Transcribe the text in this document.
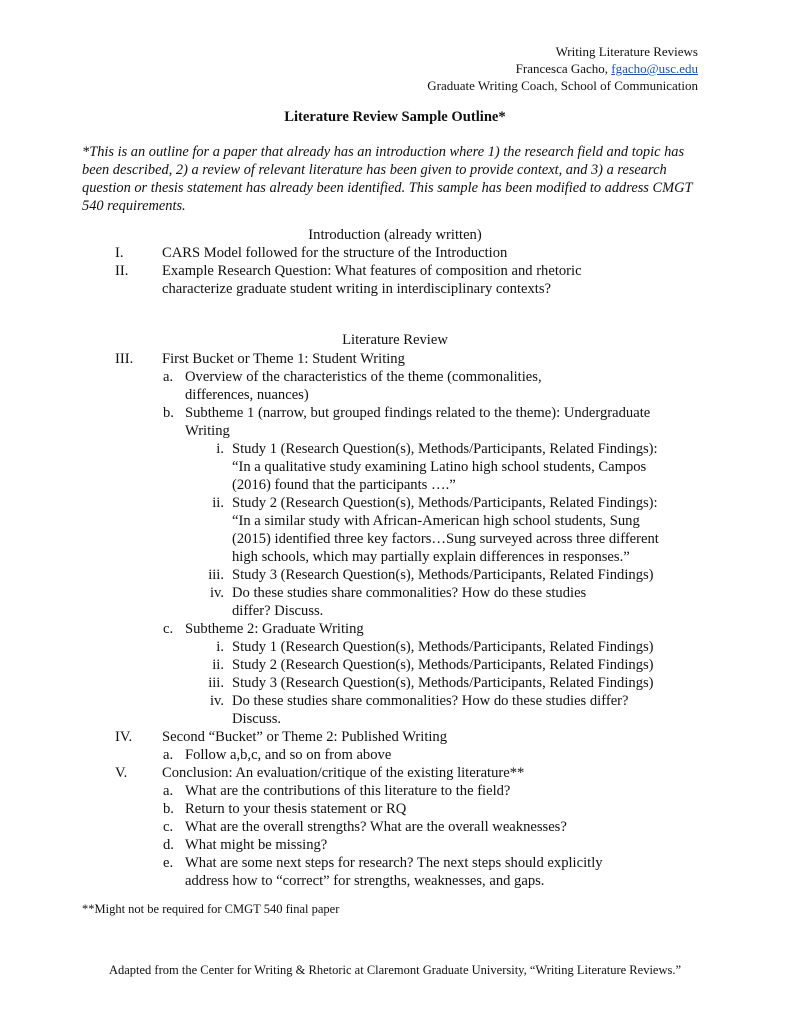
Writing Literature Reviews
Francesca Gacho, fgacho@usc.edu
Graduate Writing Coach, School of Communication
Literature Review Sample Outline*
*This is an outline for a paper that already has an introduction where 1) the research field and topic has been described, 2) a review of relevant literature has been given to provide context, and 3) a research question or thesis statement has already been identified. This sample has been modified to address CMGT 540 requirements.
Introduction (already written)
I.	CARS Model followed for the structure of the Introduction
II.	Example Research Question: What features of composition and rhetoric
characterize graduate student writing in interdisciplinary contexts?
Literature Review
III.	First Bucket or Theme 1: Student Writing
a. Overview of the characteristics of the theme (commonalities,
differences, nuances)
b. Subtheme 1 (narrow, but grouped findings related to the theme): Undergraduate
Writing
i. Study 1 (Research Question(s), Methods/Participants, Related Findings):
“In a qualitative study examining Latino high school students, Campos
(2016) found that the participants ….”
ii. Study 2 (Research Question(s), Methods/Participants, Related Findings):
“In a similar study with African-American high school students, Sung
(2015) identified three key factors…Sung surveyed across three different
high schools, which may partially explain differences in responses.”
iii. Study 3 (Research Question(s), Methods/Participants, Related Findings)
iv. Do these studies share commonalities? How do these studies
differ? Discuss.
c. Subtheme 2: Graduate Writing
i. Study 1 (Research Question(s), Methods/Participants, Related Findings)
ii. Study 2 (Research Question(s), Methods/Participants, Related Findings)
iii. Study 3 (Research Question(s), Methods/Participants, Related Findings)
iv. Do these studies share commonalities? How do these studies differ?
Discuss.
IV.	Second “Bucket” or Theme 2: Published Writing
a. Follow a,b,c, and so on from above
V.	Conclusion: An evaluation/critique of the existing literature**
a. What are the contributions of this literature to the field?
b. Return to your thesis statement or RQ
c. What are the overall strengths? What are the overall weaknesses?
d. What might be missing?
e. What are some next steps for research? The next steps should explicitly
address how to “correct” for strengths, weaknesses, and gaps.
**Might not be required for CMGT 540 final paper
Adapted from the Center for Writing & Rhetoric at Claremont Graduate University, “Writing Literature Reviews.”
